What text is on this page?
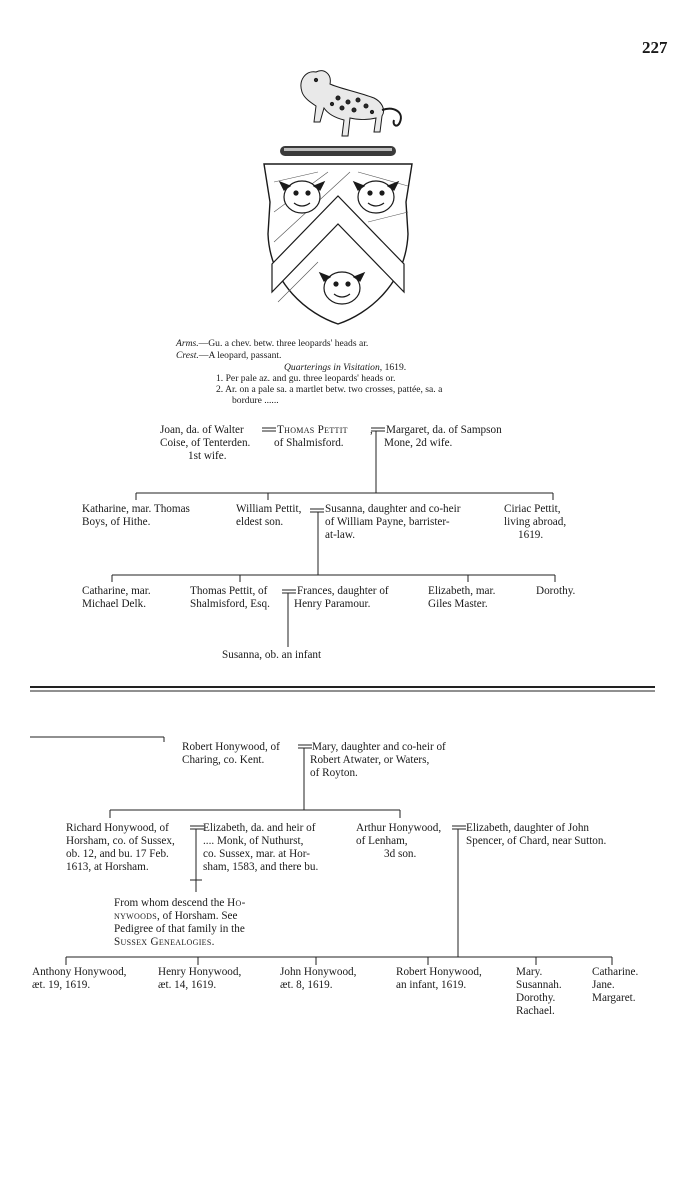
227
Arms.—Gu. a chev. betw. three leopards' heads ar.
Crest.—A leopard, passant.
Quarterings in Visitation, 1619.
1. Per pale az. and gu. three leopards' heads or.
2. Ar. on a pale sa. a martlet betw. two crosses, pattée, sa. a
bordure ......
Joan, da. of Walter
Coise, of Tenterden.
1st wife.
Thomas Pettit ,
of Shalmisford.
Margaret, da. of Sampson
Mone, 2d wife.
Katharine, mar. Thomas
Boys, of Hithe.
William Pettit,
eldest son.
Susanna, daughter and co-heir
of William Payne, barrister-
at-law.
Ciriac Pettit,
living abroad,
1619.
Catharine, mar.
Michael Delk.
Thomas Pettit, of
Shalmisford, Esq.
Frances, daughter of
Henry Paramour.
Elizabeth, mar.
Giles Master.
Dorothy.
Susanna, ob. an infant
Robert Honywood, of
Charing, co. Kent.
Mary, daughter and co-heir of
Robert Atwater, or Waters,
of Royton.
Richard Honywood, of
Horsham, co. of Sussex,
ob. 12, and bu. 17 Feb.
1613, at Horsham.
Elizabeth, da. and heir of
.... Monk, of Nuthurst,
co. Sussex, mar. at Hor-
sham, 1583, and there bu.
Arthur Honywood,
of Lenham,
3d son.
Elizabeth, daughter of John
Spencer, of Chard, near Sutton.
From whom descend the Ho-
nywoods, of Horsham. See
Pedigree of that family in the
Sussex Genealogies.
Anthony Honywood,
æt. 19, 1619.
Henry Honywood,
æt. 14, 1619.
John Honywood,
æt. 8, 1619.
Robert Honywood,
an infant, 1619.
Mary.
Susannah.
Dorothy.
Rachael.
Catharine.
Jane.
Margaret.
